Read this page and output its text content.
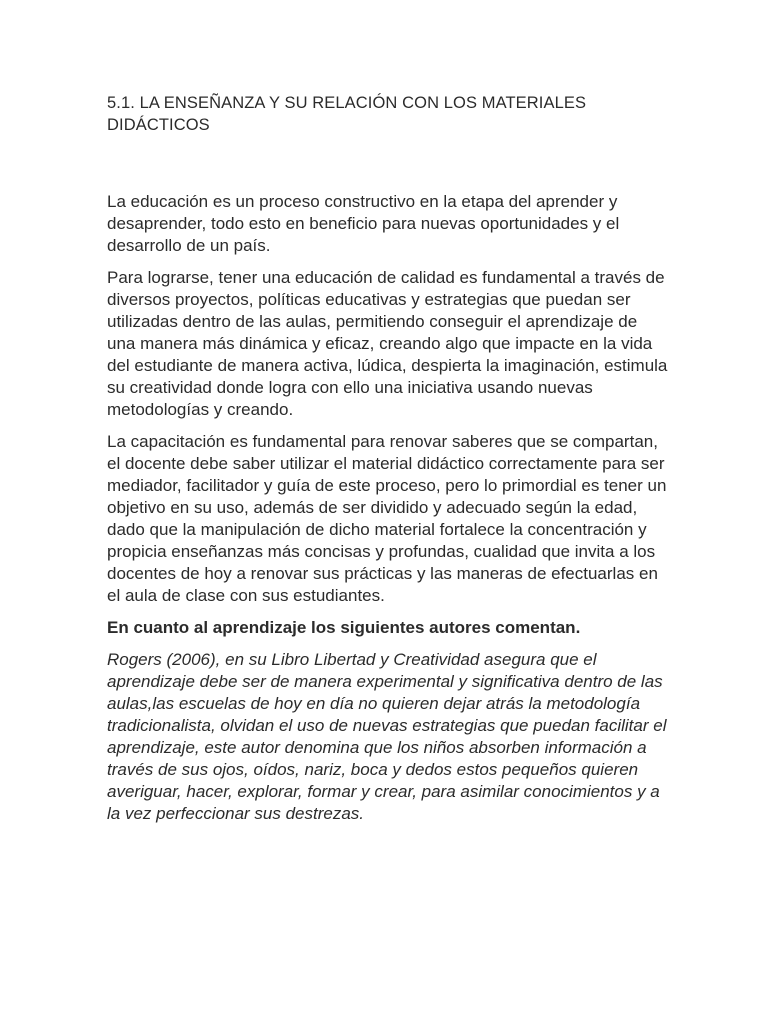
5.1. LA ENSEÑANZA Y SU RELACIÓN CON LOS MATERIALES DIDÁCTICOS

La educación es un proceso constructivo en la etapa del aprender y desaprender, todo esto en beneficio para nuevas oportunidades y el desarrollo de un país.

Para lograrse, tener una educación de calidad es fundamental a través de diversos proyectos, políticas educativas y estrategias que puedan ser utilizadas dentro de las aulas, permitiendo conseguir el aprendizaje de una manera más dinámica y eficaz, creando algo que impacte en la vida del estudiante de manera activa, lúdica, despierta la imaginación, estimula su creatividad donde logra con ello una iniciativa usando nuevas metodologías y creando.

La capacitación es fundamental para renovar saberes que se compartan, el docente debe saber utilizar el material didáctico correctamente para ser mediador, facilitador y guía de este proceso, pero lo primordial es tener un objetivo en su uso, además de ser dividido y adecuado según la edad, dado que la manipulación de dicho material fortalece la concentración y propicia enseñanzas más concisas y profundas, cualidad que invita a los docentes de hoy a renovar sus prácticas y las maneras de efectuarlas en el aula de clase con sus estudiantes.

En cuanto al aprendizaje los siguientes autores comentan.

Rogers (2006), en su Libro Libertad y Creatividad asegura que el aprendizaje debe ser de manera experimental y significativa dentro de las aulas,las escuelas de hoy en día no quieren dejar atrás la metodología tradicionalista, olvidan el uso de nuevas estrategias que puedan facilitar el aprendizaje, este autor denomina que los niños absorben información a través de sus ojos, oídos, nariz, boca y dedos estos pequeños quieren averiguar, hacer, explorar, formar y crear, para asimilar conocimientos y a la vez perfeccionar sus destrezas.
